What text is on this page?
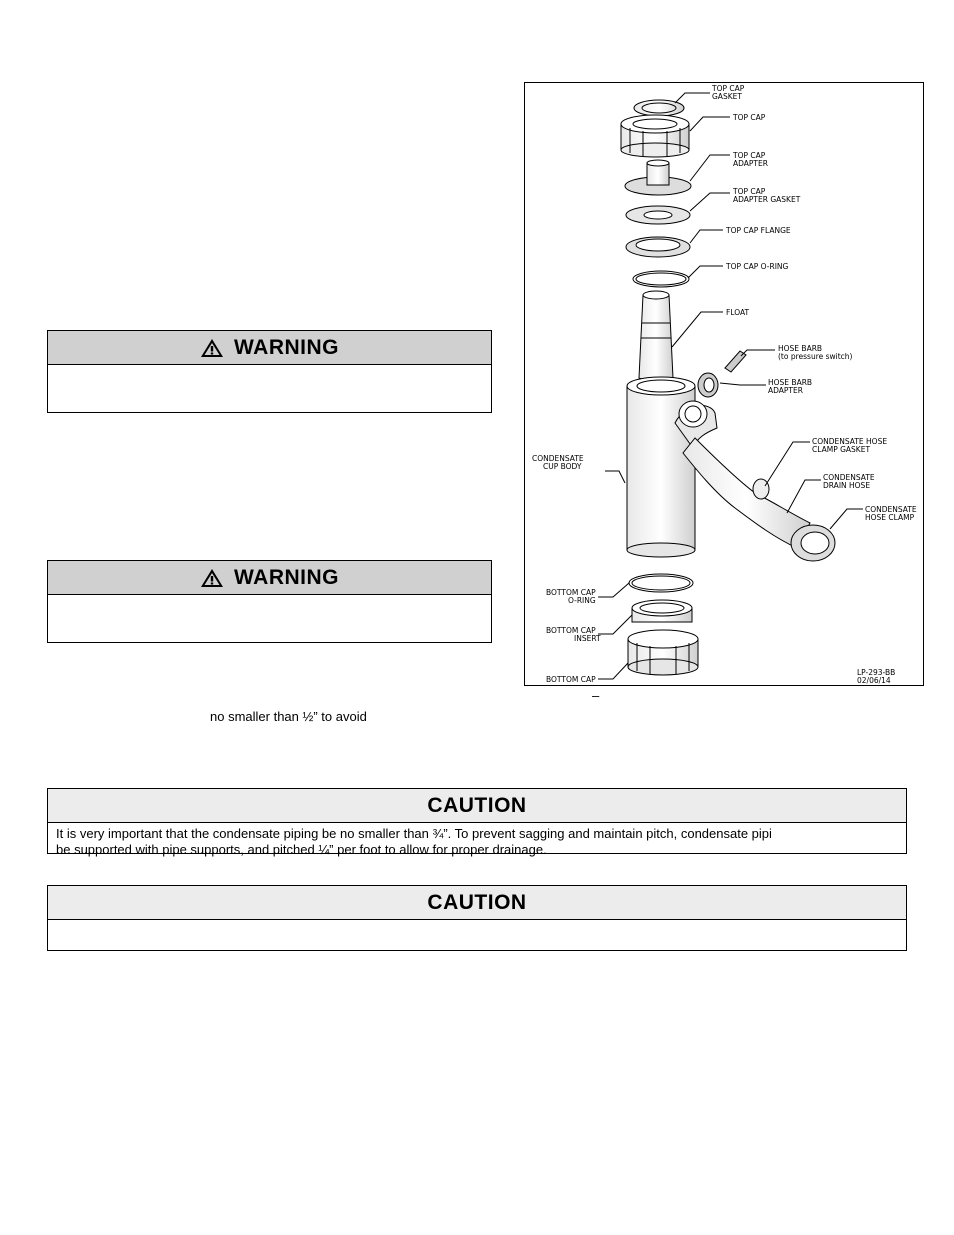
WARNING
WARNING
no smaller than ½” to avoid
–
CAUTION
It is very important that the condensate piping be no smaller than ¾”. To prevent sagging and maintain pitch, condensate pipi
be supported with pipe supports, and pitched ¼” per foot to allow for proper drainage.
CAUTION
TOP CAP GASKET
TOP CAP
TOP CAP ADAPTER
TOP CAP ADAPTER GASKET
TOP CAP FLANGE
TOP CAP O-RING
FLOAT
HOSE BARB (to pressure switch)
HOSE BARB ADAPTER
CONDENSATE HOSE CLAMP GASKET
CONDENSATE DRAIN HOSE
CONDENSATE HOSE CLAMP
CONDENSATE CUP BODY
BOTTOM CAP O-RING
BOTTOM CAP INSERT
BOTTOM CAP
LP-293-BB 02/06/14
